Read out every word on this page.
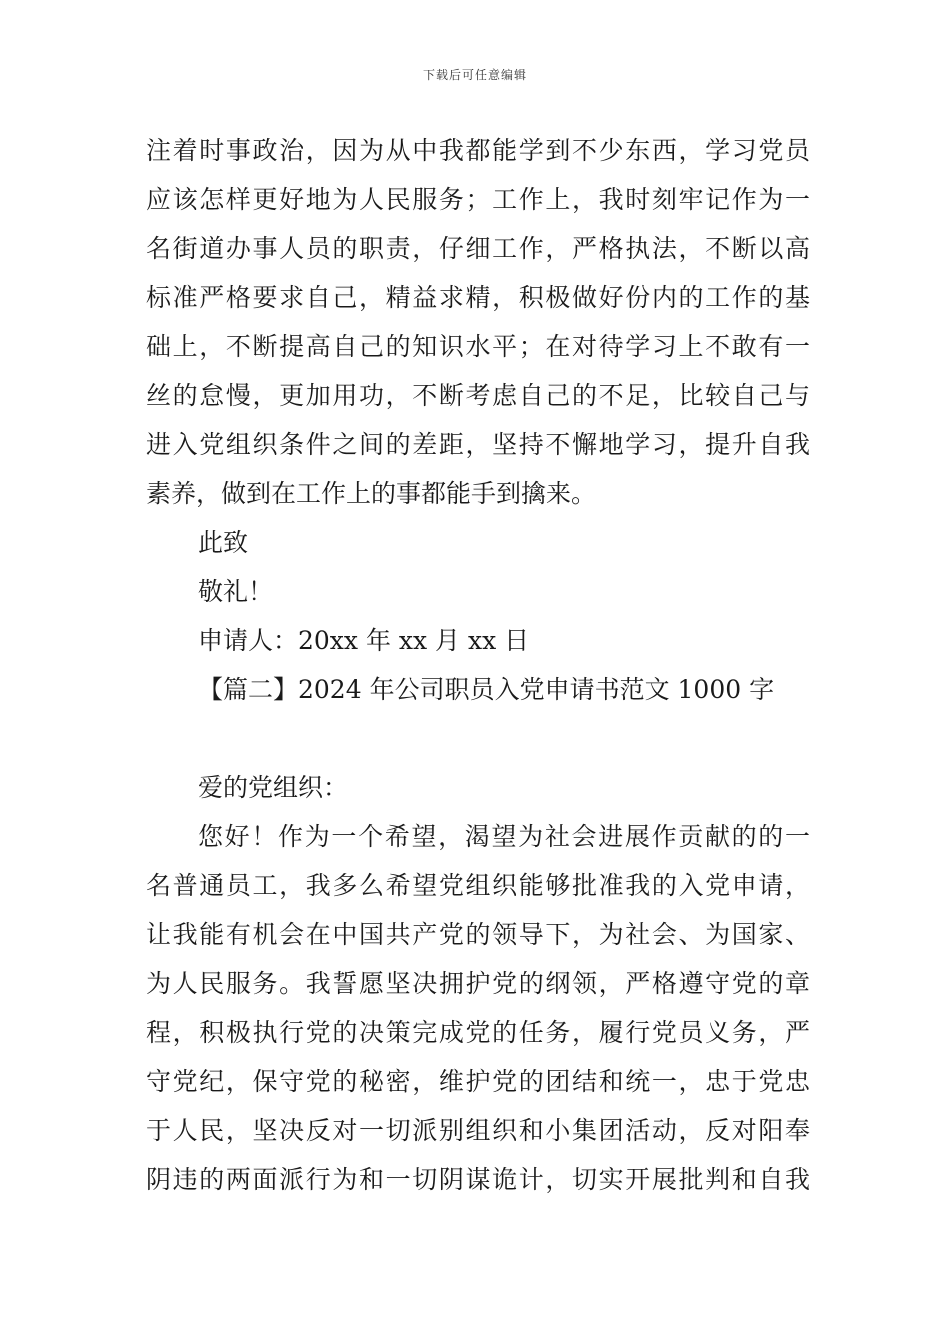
下载后可任意编辑
注着时事政治，因为从中我都能学到不少东西，学习党员
应该怎样更好地为人民服务；工作上，我时刻牢记作为一
名街道办事人员的职责，仔细工作，严格执法，不断以高
标准严格要求自己，精益求精，积极做好份内的工作的基
础上，不断提高自己的知识水平；在对待学习上不敢有一
丝的怠慢，更加用功，不断考虑自己的不足，比较自己与
进入党组织条件之间的差距，坚持不懈地学习，提升自我
素养，做到在工作上的事都能手到擒来。
此致
敬礼！
申请人：20xx 年 xx 月 xx 日
【篇二】2024 年公司职员入党申请书范文 1000 字
爱的党组织：
您好！作为一个希望，渴望为社会进展作贡献的的一
名普通员工，我多么希望党组织能够批准我的入党申请，
让我能有机会在中国共产党的领导下，为社会、为国家、
为人民服务。我誓愿坚决拥护党的纲领，严格遵守党的章
程，积极执行党的决策完成党的任务，履行党员义务，严
守党纪，保守党的秘密，维护党的团结和统一，忠于党忠
于人民，坚决反对一切派别组织和小集团活动，反对阳奉
阴违的两面派行为和一切阴谋诡计，切实开展批判和自我
